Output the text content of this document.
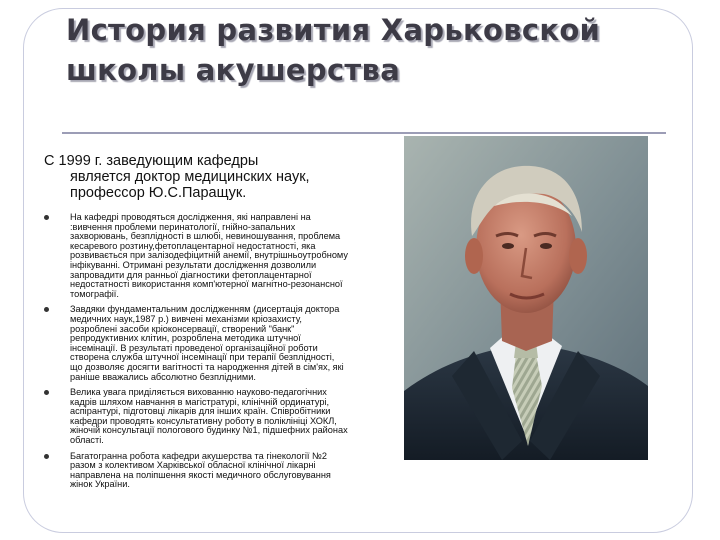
История развития Харьковской школы акушерства
С 1999 г. заведующим кафедры
является доктор медицинских наук, профессор Ю.С.Паращук.
На кафедрі проводяться дослідження, які направлені на :вивчення проблеми перинатології, гнійно-запальних захворювань, безплідності в шлюбі, невиношування, проблема кесаревого розтину,фетоплацентарної недостатності, яка розвивається при залізодефіцитній анемії, внутрішньоутробному інфікуванні. Отримані результати дослідження дозволили запровадити для ранньої діагностики фетоплацентарної недостатності використання комп'ютерної магнітно-резонансної томографії.
Завдяки фундаментальним дослідженням (дисертація доктора медичних наук,1987 р.) вивчені механізми кріозахисту, розроблені засоби кріоконсервації, створений "банк" репродуктивних клітин, розроблена методика штучної інсемінації. В результаті проведеної організаційної роботи створена служба штучної інсемінації при терапії безплідності, що дозволяє досягти вагітності та народження дітей в сім'ях, які раніше вважались абсолютно безплідними.
Велика увага приділяється вихованню науково-педагогічних кадрів шляхом навчання в магістратурі, клінічній ординатурі, аспірантурі, підготовці лікарів для інших країн. Співробітники кафедри проводять консультативну роботу в поліклініці ХОКЛ, жіночій консультації пологового будинку №1, підшефних районах області.
Багатогранна робота кафедри акушерства та гінекології №2 разом з колективом Харківської обласної клінічної лікарні направлена на поліпшення якості медичного обслуговування жінок України.
